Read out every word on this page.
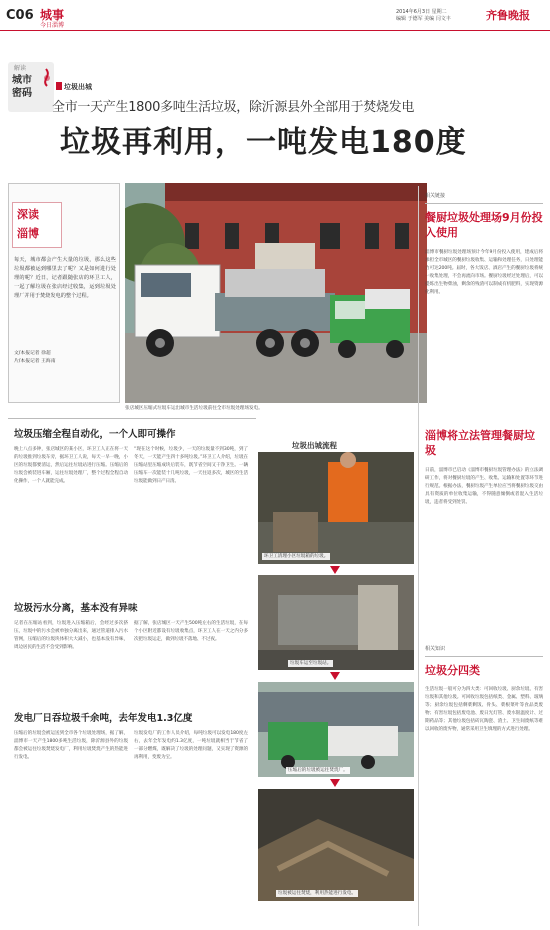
C06 城事
今日淄博
2014年6月3日 星期二
编辑 于德军 美编 闫文丰	齐鲁晚报
解读
城市
密码
垃圾出城
全市一天产生1800多吨生活垃圾，除沂源县外全部用于焚烧发电
垃圾再利用，一吨发电180度
深读
淄博
每天，城市都会产生大量的垃圾，那么这些垃圾都被运到哪里去了呢？又是如何进行处理的呢？近日，记者跟随张店的环卫工人，一起了解垃圾在张店经过收集，运到垃圾处理厂并用于焚烧发电的整个过程。
文/本报记者 徐超
片/本报记者 王海南
张店城区压缩式垃圾车运出城市生活垃圾前往全市垃圾处理场发电。
相关链接
餐厨垃圾处理场9月份投入使用
淄博市餐厨垃圾处理场预计今年9月份投入使用，建成后将承担全市城区的餐厨垃圾收集、运输和处理任务，日处理能力可达200吨。届时，各大饭店、酒店产生的餐厨垃圾将统一收集处理，不会再流向市场。餐厨垃圾经过处理后，可以提炼出生物柴油，剩余的残渣可以制成有机肥料，实现资源化利用。
淄博将立法管理餐厨垃圾
日前，淄博市已启动《淄博市餐厨垃圾管理办法》的立法调研工作，将对餐厨垃圾的产生、收集、运输和处置等环节进行规范。根据办法，餐厨垃圾产生单位应当将餐厨垃圾交由具有资质的单位收集运输，不得随意倾倒或者混入生活垃圾，违者将受到处罚。
相关知识
垃圾分四类
生活垃圾一般可分为四大类：可回收垃圾、厨余垃圾、有害垃圾和其他垃圾。可回收垃圾包括纸类、金属、塑料、玻璃等；厨余垃圾包括剩菜剩饭、骨头、菜根菜叶等食品类废物；有害垃圾包括废电池、废日光灯管、废水银温度计、过期药品等；其他垃圾包括砖瓦陶瓷、渣土、卫生间废纸等难以回收的废弃物，通常采用卫生填埋的方式进行处理。
垃圾出城流程
环卫工清理小区垃圾箱的垃圾。
垃圾车运至垃圾站。
压缩后的垃圾被运往焚烧厂。
垃圾被运往焚烧，利用热能进行发电。
垃圾压缩全程自动化，一个人即可操作
晚上八点多钟，张店城区的某小区，环卫工人正在将一天的垃圾推到垃圾车旁，据环卫工人说，每天一早一晚，小区的垃圾都要清运，然后运往垃圾站进行压缩。压缩后的垃圾会被装进车厢，运往垃圾处理厂，整个过程全程自动化操作，一个人就能完成。
“现在这个时候，垃圾少，一天的垃圾量不到30吨，到了冬天，一天能产生四十多吨垃圾。”环卫工人介绍，垃圾在压缩站里压缩成块后装车，既节省空间又干净卫生。一辆压缩车一次能装十几吨垃圾，一天往返多次，城区的生活垃圾能做到日产日清。
垃圾污水分离，基本没有异味
记者在压缩站看到，垃圾进入压缩箱后，会经过多次挤压，垃圾中的污水会被单独分离出来，通过管道排入污水管网，压缩后的垃圾块体积大大减小，也基本没有异味，周边居民的生活不会受到影响。
据了解，张店城区一天产生500吨左右的生活垃圾，在每个小区附近都设有垃圾收集点，环卫工人在一天之内分多次把垃圾运走，做到垃圾不落地、不过夜。
发电厂日吞垃圾千余吨，去年发电1.3亿度
压缩后的垃圾会被运送到全市各个垃圾处理场，据了解，淄博市一天产生1800多吨生活垃圾，除沂源县外的垃圾都会被运往垃圾焚烧发电厂，利用垃圾焚烧产生的热能进行发电。
垃圾发电厂的工作人员介绍，每吨垃圾可以发电180度左右，去年全年发电约1.3亿度，一吨垃圾就相当于节省了一部分燃煤，既解决了垃圾的处理问题，又实现了资源的再利用，变废为宝。
